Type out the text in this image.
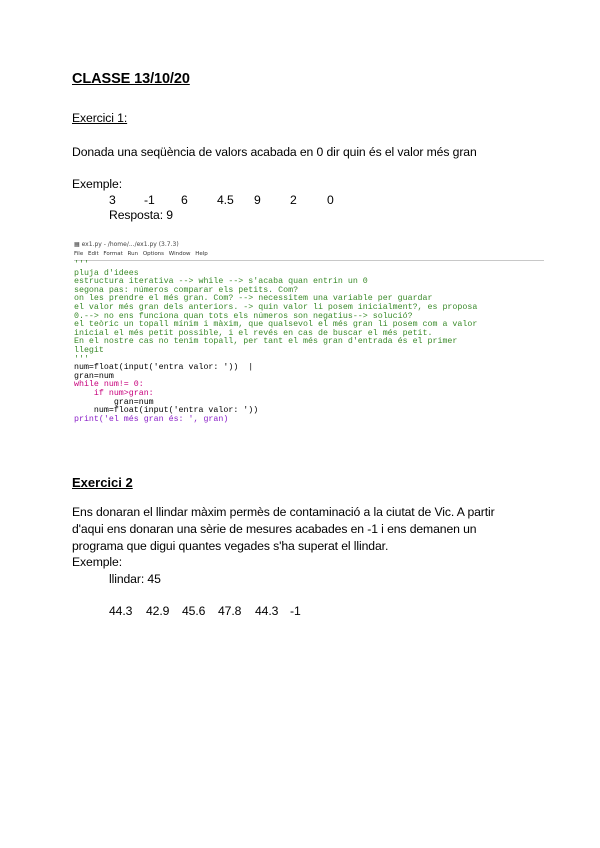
CLASSE 13/10/20
Exercici 1:
Donada una seqüència de valors acabada en 0 dir quin és el valor més gran
Exemple:
3 -1 6 4.5 9 2 0
Resposta: 9
▦ ex1.py - /home/.../ex1.py (3.7.3)
File Edit Format Run Options Window Help
'''
pluja d'idees
estructura iterativa --> while --> s'acaba quan entrin un 0
segona pas: números comparar els petits. Com?
on les prendre el més gran. Com? --> necessitem una variable per guardar
el valor més gran dels anteriors. -> quin valor li posem inicialment?, es proposa
0.--> no ens funciona quan tots els números son negatius--> solució?
el teòric un topall mínim i màxim, que qualsevol el més gran li posem com a valor
inicial el més petit possible, i el revés en cas de buscar el més petit.
En el nostre cas no tenim topall, per tant el més gran d'entrada és el primer
llegit
'''
num=float(input('entra valor: '))  |
gran=num
while num!= 0:
if num>gran:
gran=num
num=float(input('entra valor: '))
print('el més gran és: ', gran)
Exercici 2
Ens donaran el llindar màxim permès de contaminació a la ciutat de Vic. A partir
d'aqui ens donaran una sèrie de mesures acabades en -1 i ens demanen un
programa que digui quantes vegades s'ha superat el llindar.
Exemple:
llindar: 45
44.3 42.9 45.6 47.8 44.3 -1
